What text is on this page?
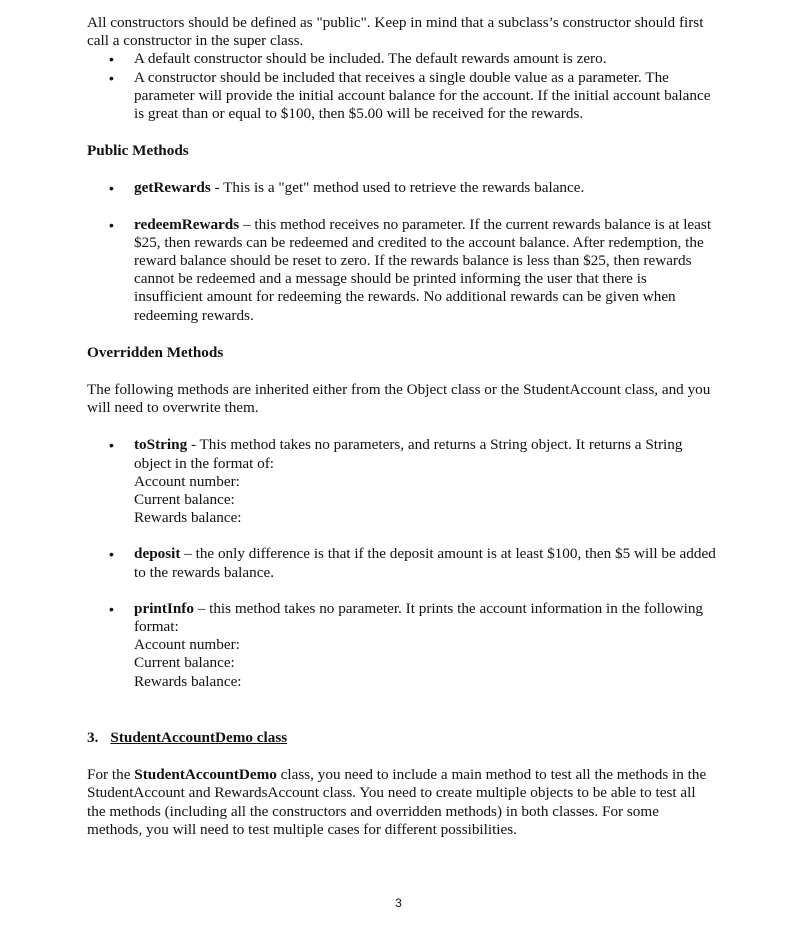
All constructors should be defined as "public". Keep in mind that a subclass’s constructor should first call a constructor in the super class.

• A default constructor should be included. The default rewards amount is zero.
• A constructor should be included that receives a single double value as a parameter. The parameter will provide the initial account balance for the account. If the initial account balance is great than or equal to $100, then $5.00 will be received for the rewards.

Public Methods

• getRewards - This is a "get" method used to retrieve the rewards balance.
• redeemRewards – this method receives no parameter. If the current rewards balance is at least $25, then rewards can be redeemed and credited to the account balance. After redemption, the reward balance should be reset to zero. If the rewards balance is less than $25, then rewards cannot be redeemed and a message should be printed informing the user that there is insufficient amount for redeeming the rewards. No additional rewards can be given when redeeming rewards.

Overridden Methods

The following methods are inherited either from the Object class or the StudentAccount class, and you will need to overwrite them.

• toString - This method takes no parameters, and returns a String object. It returns a String object in the format of:
Account number:
Current balance:
Rewards balance:
• deposit – the only difference is that if the deposit amount is at least $100, then $5 will be added to the rewards balance.
• printInfo – this method takes no parameter. It prints the account information in the following format:
Account number:
Current balance:
Rewards balance:

3. StudentAccountDemo class

For the StudentAccountDemo class, you need to include a main method to test all the methods in the StudentAccount and RewardsAccount class. You need to create multiple objects to be able to test all the methods (including all the constructors and overridden methods) in both classes. For some methods, you will need to test multiple cases for different possibilities.

3
